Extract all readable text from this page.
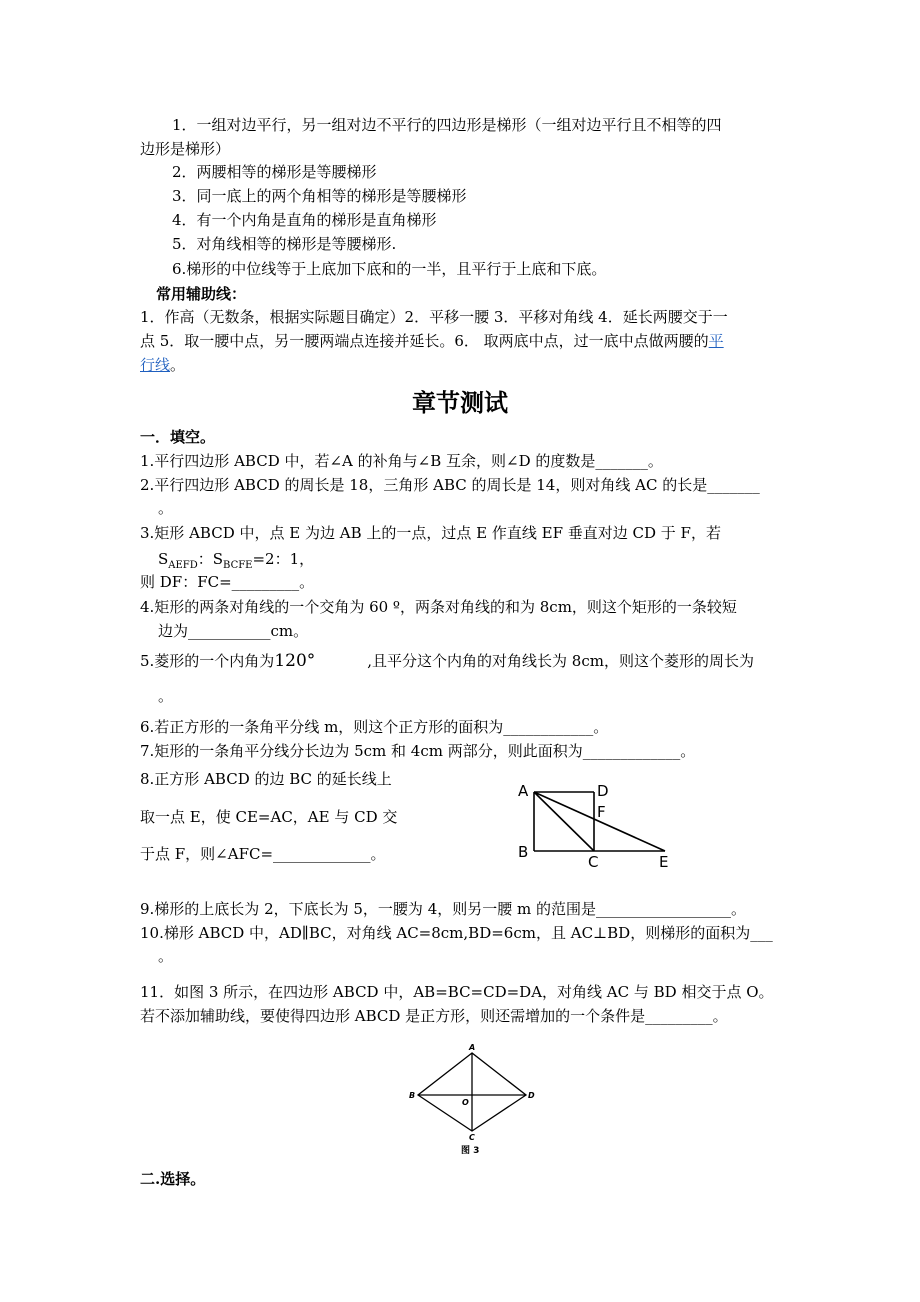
1．一组对边平行，另一组对边不平行的四边形是梯形（一组对边平行且不相等的四
边形是梯形）
2．两腰相等的梯形是等腰梯形
3．同一底上的两个角相等的梯形是等腰梯形
4．有一个内角是直角的梯形是直角梯形
5．对角线相等的梯形是等腰梯形.
6.梯形的中位线等于上底加下底和的一半，且平行于上底和下底。
常用辅助线：
1．作高（无数条，根据实际题目确定）2．平移一腰 3．平移对角线 4．延长两腰交于一
点 5．取一腰中点，另一腰两端点连接并延长。6． 取两底中点，过一底中点做两腰的平
行线。
章节测试
一．填空。
1.平行四边形 ABCD 中，若∠A 的补角与∠B 互余，则∠D 的度数是_______。
2.平行四边形 ABCD 的周长是 18，三角形 ABC 的周长是 14，则对角线 AC 的长是_______
。
3.矩形 ABCD 中，点 E 为边 AB 上的一点，过点 E 作直线 EF 垂直对边 CD 于 F，若
$S_{AEFD}$：$S_{BCFE}=2$：1，
则 DF：FC=_________。
4.矩形的两条对角线的一个交角为 60 º，两条对角线的和为 8cm，则这个矩形的一条较短
边为___________cm。
5.菱形的一个内角为120°	,且平分这个内角的对角线长为 8cm，则这个菱形的周长为
。
6.若正方形的一条角平分线 m，则这个正方形的面积为____________。
7.矩形的一条角平分线分长边为 5cm 和 4cm 两部分，则此面积为_____________。
8.正方形 ABCD 的边 BC 的延长线上
取一点 E，使 CE=AC，AE 与 CD 交
于点 F，则∠AFC=_____________。
A	D
F
B
C	E
9.梯形的上底长为 2，下底长为 5，一腰为 4，则另一腰 m 的范围是__________________。
10.梯形 ABCD 中，AD∥BC，对角线 AC=8cm,BD=6cm，且 AC⊥BD，则梯形的面积为___
。
11．如图 3 所示，在四边形 ABCD 中，AB=BC=CD=DA，对角线 AC 与 BD 相交于点 O。
若不添加辅助线，要使得四边形 ABCD 是正方形，则还需增加的一个条件是_________。
A
B
O
D
C
图 3
二.选择。
